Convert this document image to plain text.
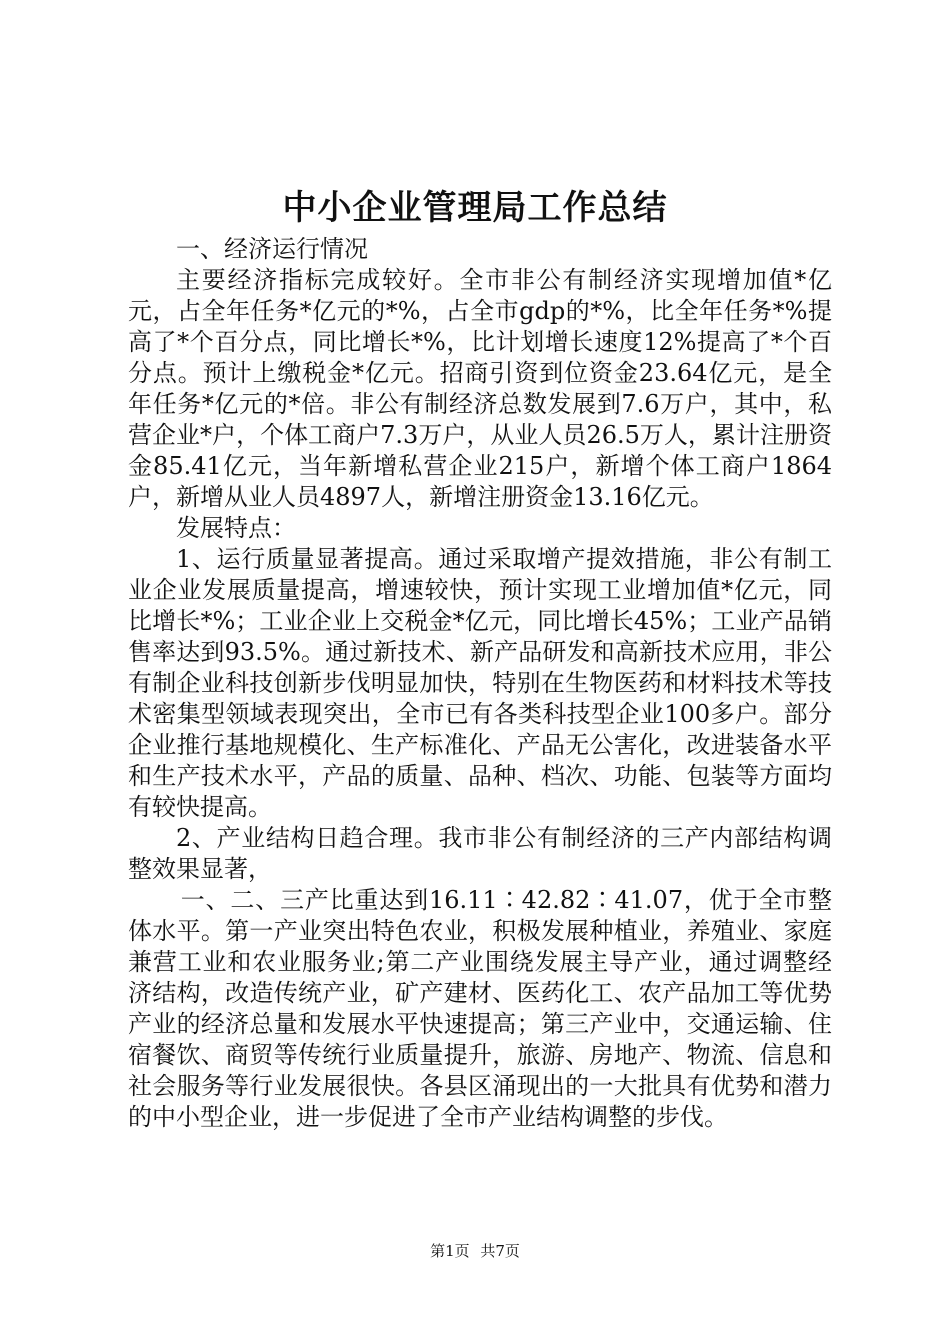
中小企业管理局工作总结

一、经济运行情况

主要经济指标完成较好。全市非公有制经济实现增加值*亿元，占全年任务*亿元的*%，占全市gdp的*%，比全年任务*%提高了*个百分点，同比增长*%，比计划增长速度12%提高了*个百分点。预计上缴税金*亿元。招商引资到位资金23.64亿元，是全年任务*亿元的*倍。非公有制经济总数发展到7.6万户，其中，私营企业*户，个体工商户7.3万户，从业人员26.5万人，累计注册资金85.41亿元，当年新增私营企业215户，新增个体工商户1864户，新增从业人员4897人，新增注册资金13.16亿元。

发展特点：

1、运行质量显著提高。通过采取增产提效措施，非公有制工业企业发展质量提高，增速较快，预计实现工业增加值*亿元，同比增长*%；工业企业上交税金*亿元，同比增长45%；工业产品销售率达到93.5%。通过新技术、新产品研发和高新技术应用，非公有制企业科技创新步伐明显加快，特别在生物医药和材料技术等技术密集型领域表现突出，全市已有各类科技型企业100多户。部分企业推行基地规模化、生产标准化、产品无公害化，改进装备水平和生产技术水平，产品的质量、品种、档次、功能、包装等方面均有较快提高。

2、产业结构日趋合理。我市非公有制经济的三产内部结构调整效果显著，

一、二、三产比重达到16.11∶42.82∶41.07，优于全市整体水平。第一产业突出特色农业，积极发展种植业，养殖业、家庭兼营工业和农业服务业;第二产业围绕发展主导产业，通过调整经济结构，改造传统产业，矿产建材、医药化工、农产品加工等优势产业的经济总量和发展水平快速提高；第三产业中，交通运输、住宿餐饮、商贸等传统行业质量提升，旅游、房地产、物流、信息和社会服务等行业发展很快。各县区涌现出的一大批具有优势和潜力的中小型企业，进一步促进了全市产业结构调整的步伐。

第1页 共7页
